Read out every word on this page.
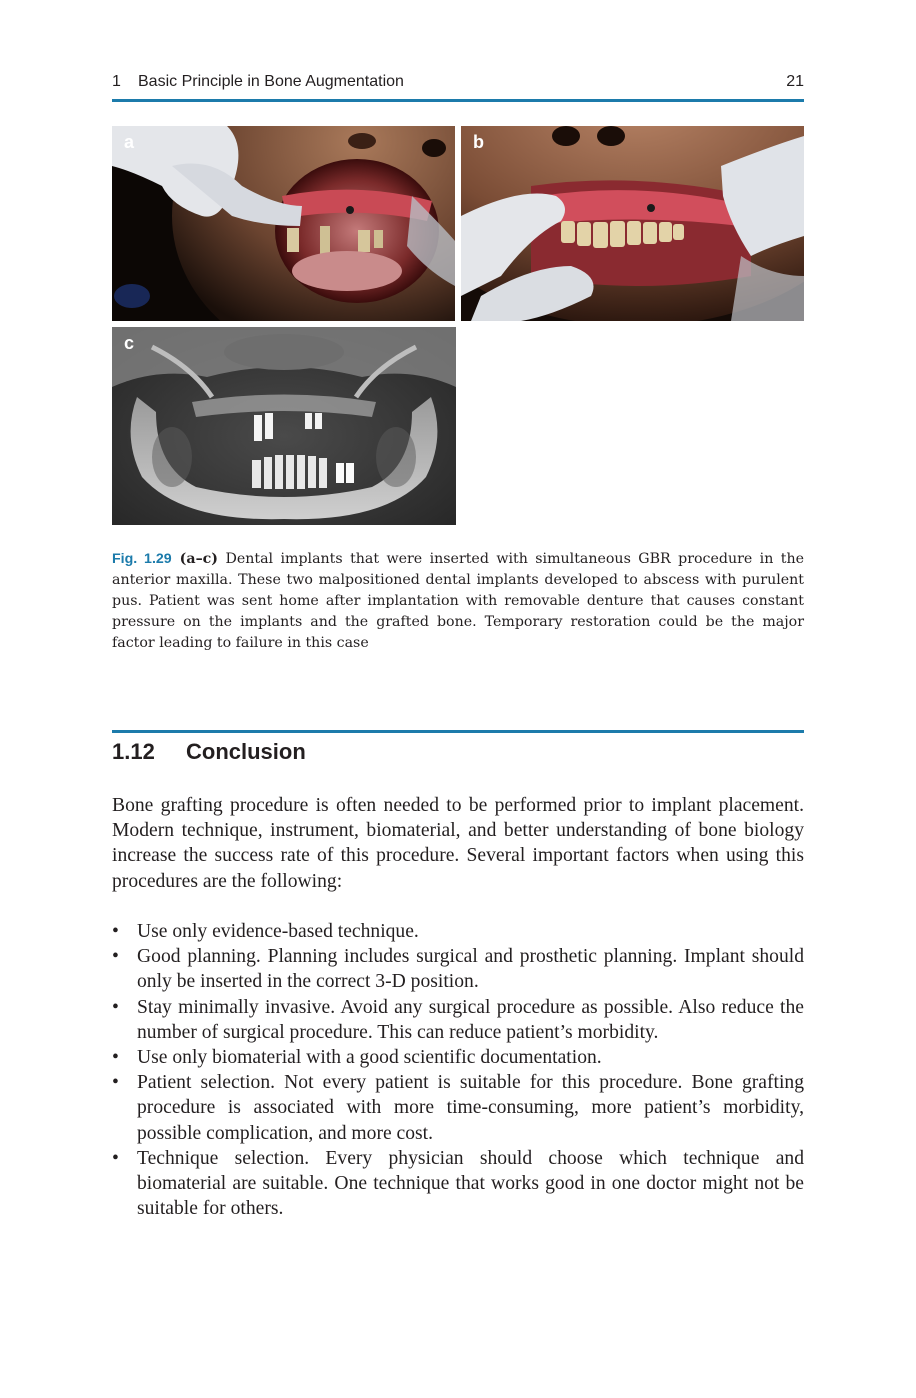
1 Basic Principle in Bone Augmentation	21
a	b
c
Fig. 1.29 (a–c) Dental implants that were inserted with simultaneous GBR procedure in the anterior maxilla. These two malpositioned dental implants developed to abscess with purulent pus. Patient was sent home after implantation with removable denture that causes constant pressure on the implants and the grafted bone. Temporary restoration could be the major factor leading to failure in this case
1.12 Conclusion

Bone grafting procedure is often needed to be performed prior to implant placement. Modern technique, instrument, biomaterial, and better understanding of bone biology increase the success rate of this procedure. Several important factors when using this procedures are the following:

• Use only evidence-based technique.
• Good planning. Planning includes surgical and prosthetic planning. Implant should only be inserted in the correct 3-D position.
• Stay minimally invasive. Avoid any surgical procedure as possible. Also reduce the number of surgical procedure. This can reduce patient’s morbidity.
• Use only biomaterial with a good scientific documentation.
• Patient selection. Not every patient is suitable for this procedure. Bone grafting procedure is associated with more time-consuming, more patient’s morbidity, possible complication, and more cost.
• Technique selection. Every physician should choose which technique and biomaterial are suitable. One technique that works good in one doctor might not be suitable for others.
